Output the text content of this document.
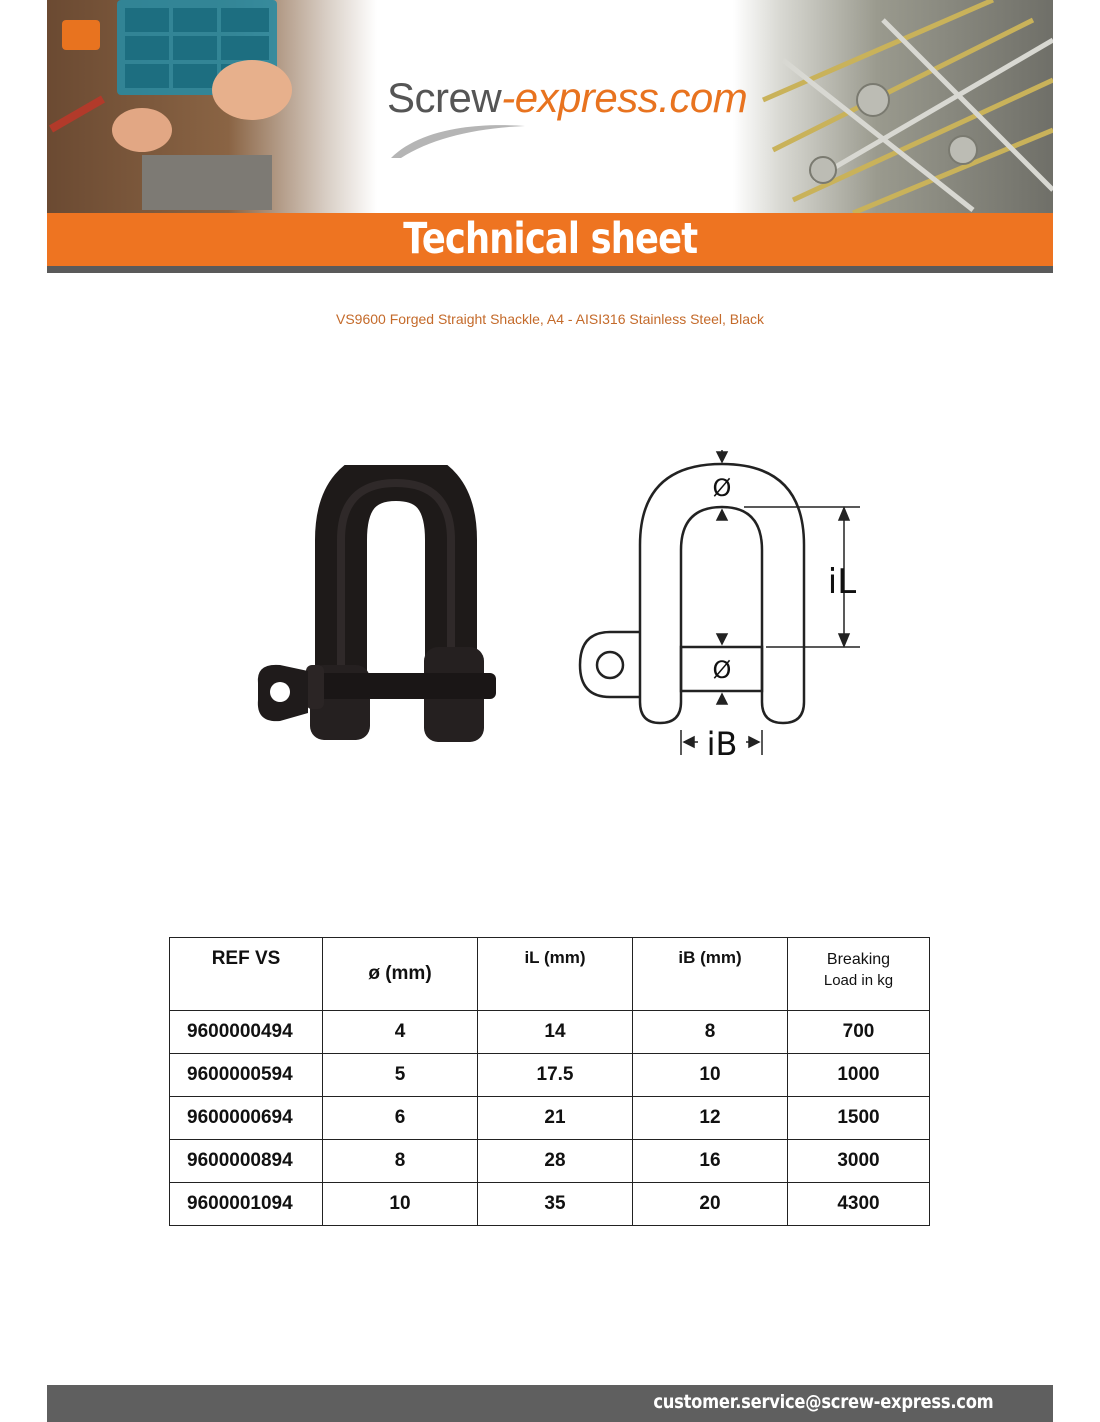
Screw-express.com
Technical sheet
VS9600 Forged Straight Shackle, A4 - AISI316 Stainless Steel, Black
Ø
Ø
iL
iB
REF VS	ø (mm)	iL (mm)	iB (mm)	Breaking
Load in kg
9600000494	4	14	8	700
9600000594	5	17.5	10	1000
9600000694	6	21	12	1500
9600000894	8	28	16	3000
9600001094	10	35	20	4300
customer.service@screw-express.com
